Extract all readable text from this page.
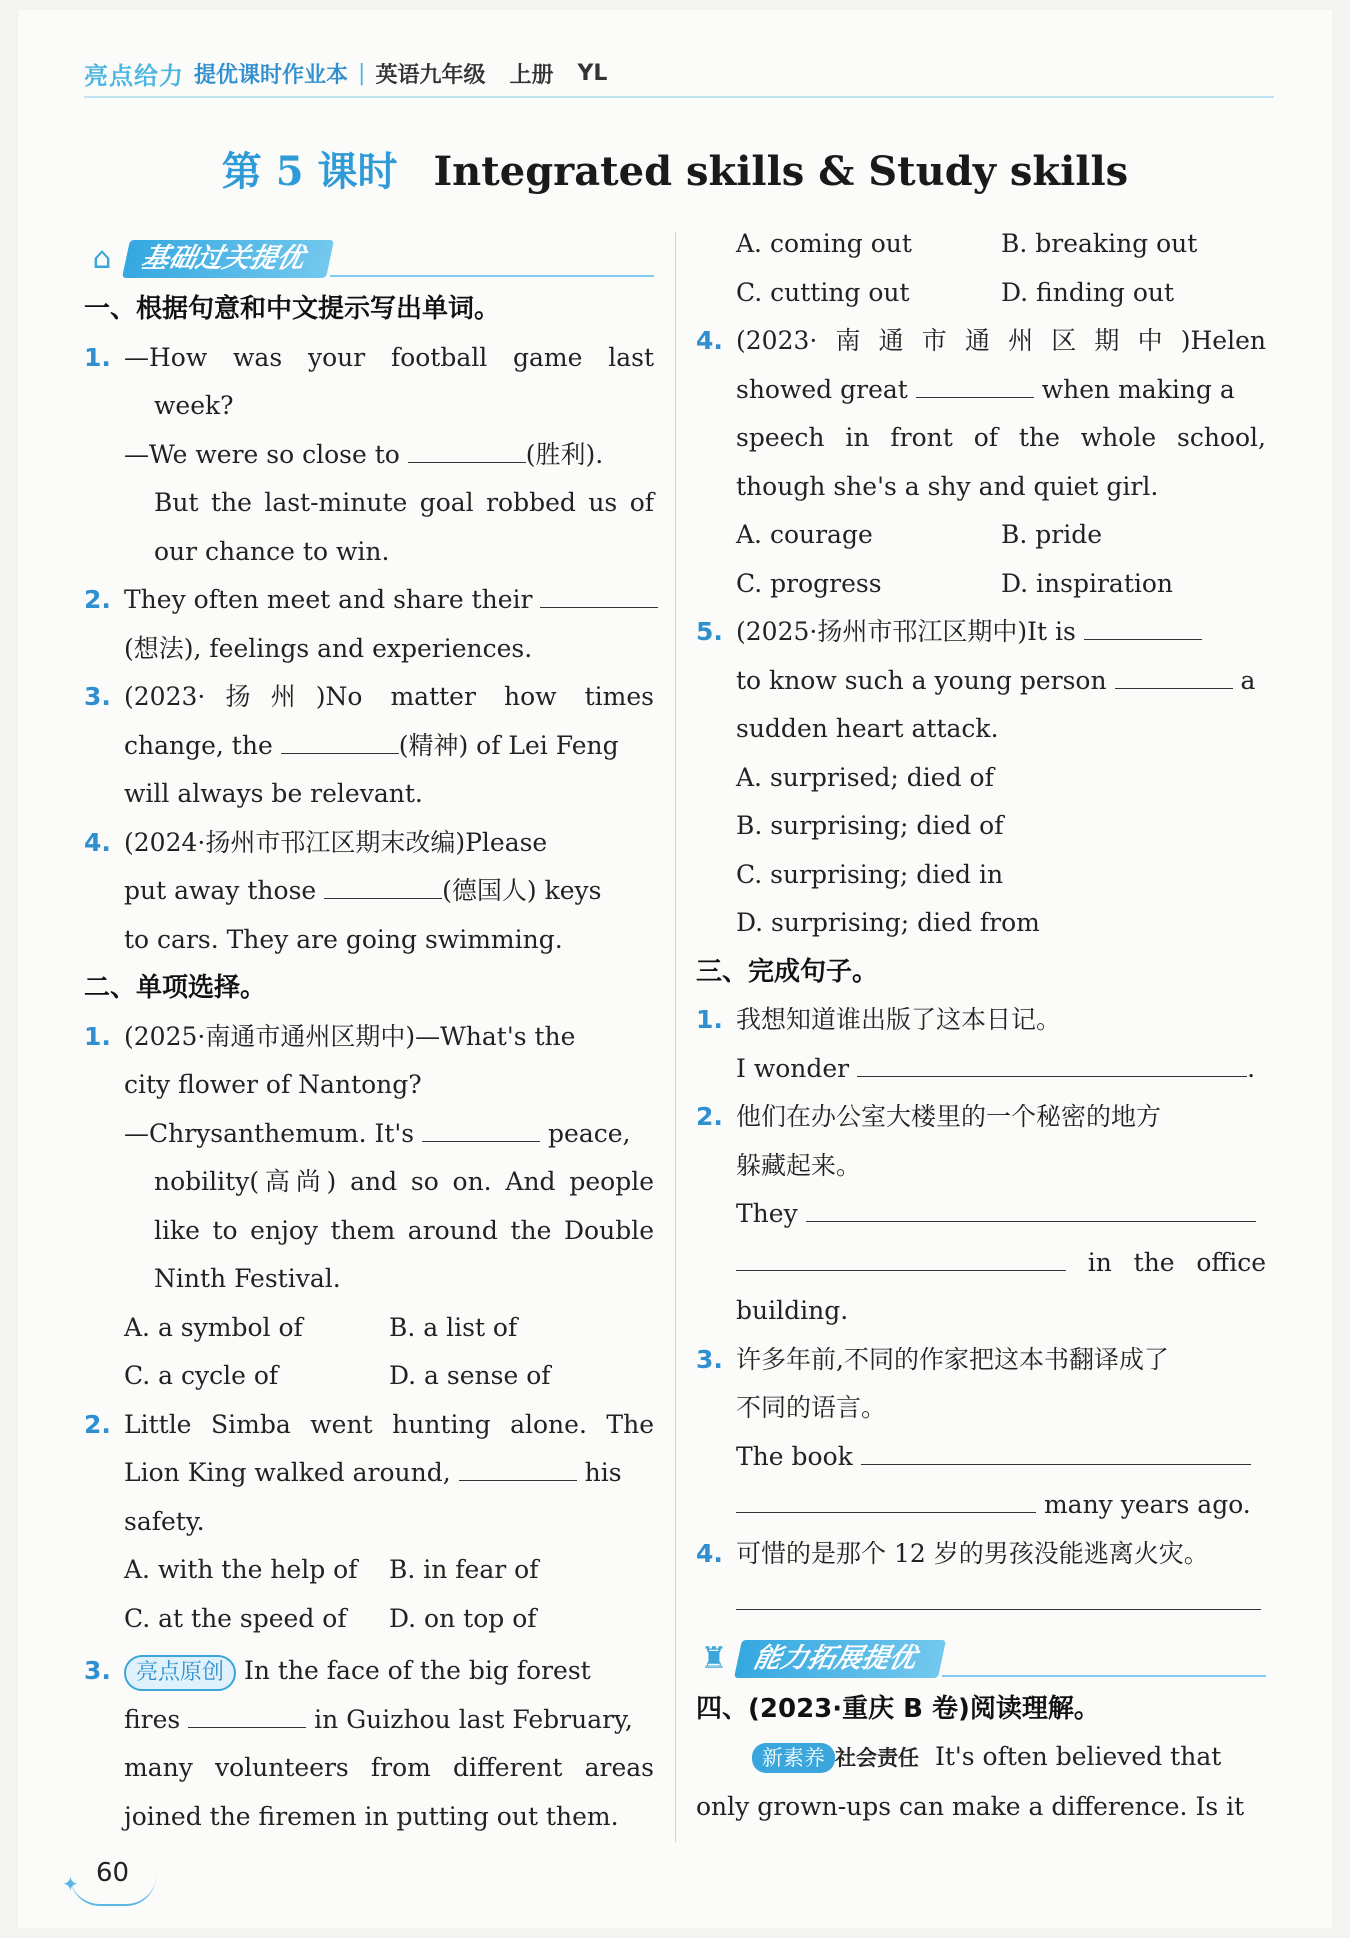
亮点给力 提优课时作业本 | 英语九年级 上册 YL
第 5 课时 Integrated skills & Study skills
⌂	基础过关提优
一、根据句意和中文提示写出单词。
1. —How was your football game last
week?
—We were so close to	(胜利).
But the last-minute goal robbed us of
our chance to win.
2. They often meet and share their
(想法), feelings and experiences.
3. (2023·扬州)No matter how times
change, the	(精神) of Lei Feng
will always be relevant.
4. (2024·扬州市邗江区期末改编)Please
put away those	(德国人) keys
to cars. They are going swimming.
二、单项选择。
1. (2025·南通市通州区期中)—What's the
city flower of Nantong?
—Chrysanthemum. It's	peace,
nobility(高尚) and so on. And people
like to enjoy them around the Double
Ninth Festival.
A. a symbol of	B. a list of
C. a cycle of	D. a sense of
2. Little Simba went hunting alone. The
Lion King walked around,	his
safety.
A. with the help of	B. in fear of
C. at the speed of	D. on top of
3. 亮点原创 In the face of the big forest
fires	in Guizhou last February,
many volunteers from different areas
joined the firemen in putting out them.
A. coming out	B. breaking out
C. cutting out	D. finding out
4. (2023·南通市通州区期中)Helen
showed great	when making a
speech in front of the whole school,
though she's a shy and quiet girl.
A. courage	B. pride
C. progress	D. inspiration
5. (2025·扬州市邗江区期中)It is
to know such a young person	a
sudden heart attack.
A. surprised; died of
B. surprising; died of
C. surprising; died in
D. surprising; died from
三、完成句子。
1. 我想知道谁出版了这本日记。
I wonder	.
2. 他们在办公室大楼里的一个秘密的地方
躲藏起来。
They
in the office
building.
3. 许多年前,不同的作家把这本书翻译成了
不同的语言。
The book
many years ago.
4. 可惜的是那个 12 岁的男孩没能逃离火灾。
♜ 能力拓展提优
四、(2023·重庆 B 卷)阅读理解。
新素养 社会责任 It's often believed that
only grown-ups can make a difference. Is it
✦ 60
